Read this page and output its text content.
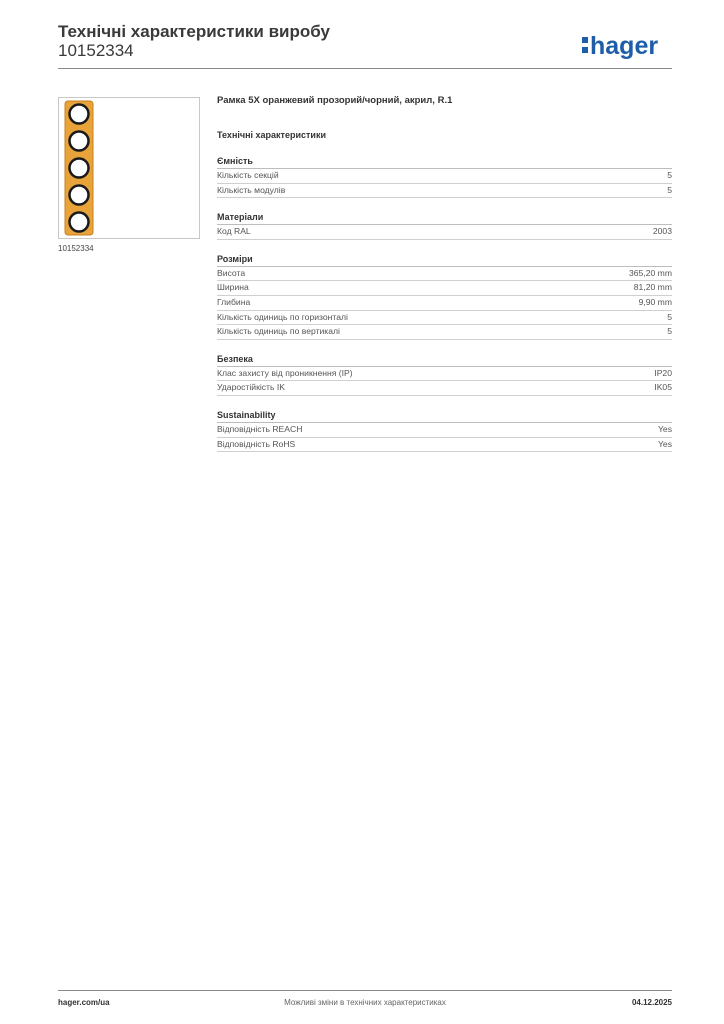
Технічні характеристики виробу
10152334	hager
10152334
Рамка 5X оранжевий прозорий/чорний, акрил, R.1
Технічні характеристики
Ємність
Кількість секцій	5
Кількість модулів	5
Матеріали
Код RAL	2003
Розміри
Висота	365,20 mm
Ширина	81,20 mm
Глибина	9,90 mm
Кількість одиниць по горизонталі	5
Кількість одиниць по вертикалі	5
Безпека
Клас захисту від проникнення (IP)	IP20
Ударостійкість IK	IK05
Sustainability
Відповідність REACH	Yes
Відповідність RoHS	Yes
hager.com/ua	Можливі зміни в технічних характеристиках	04.12.2025
